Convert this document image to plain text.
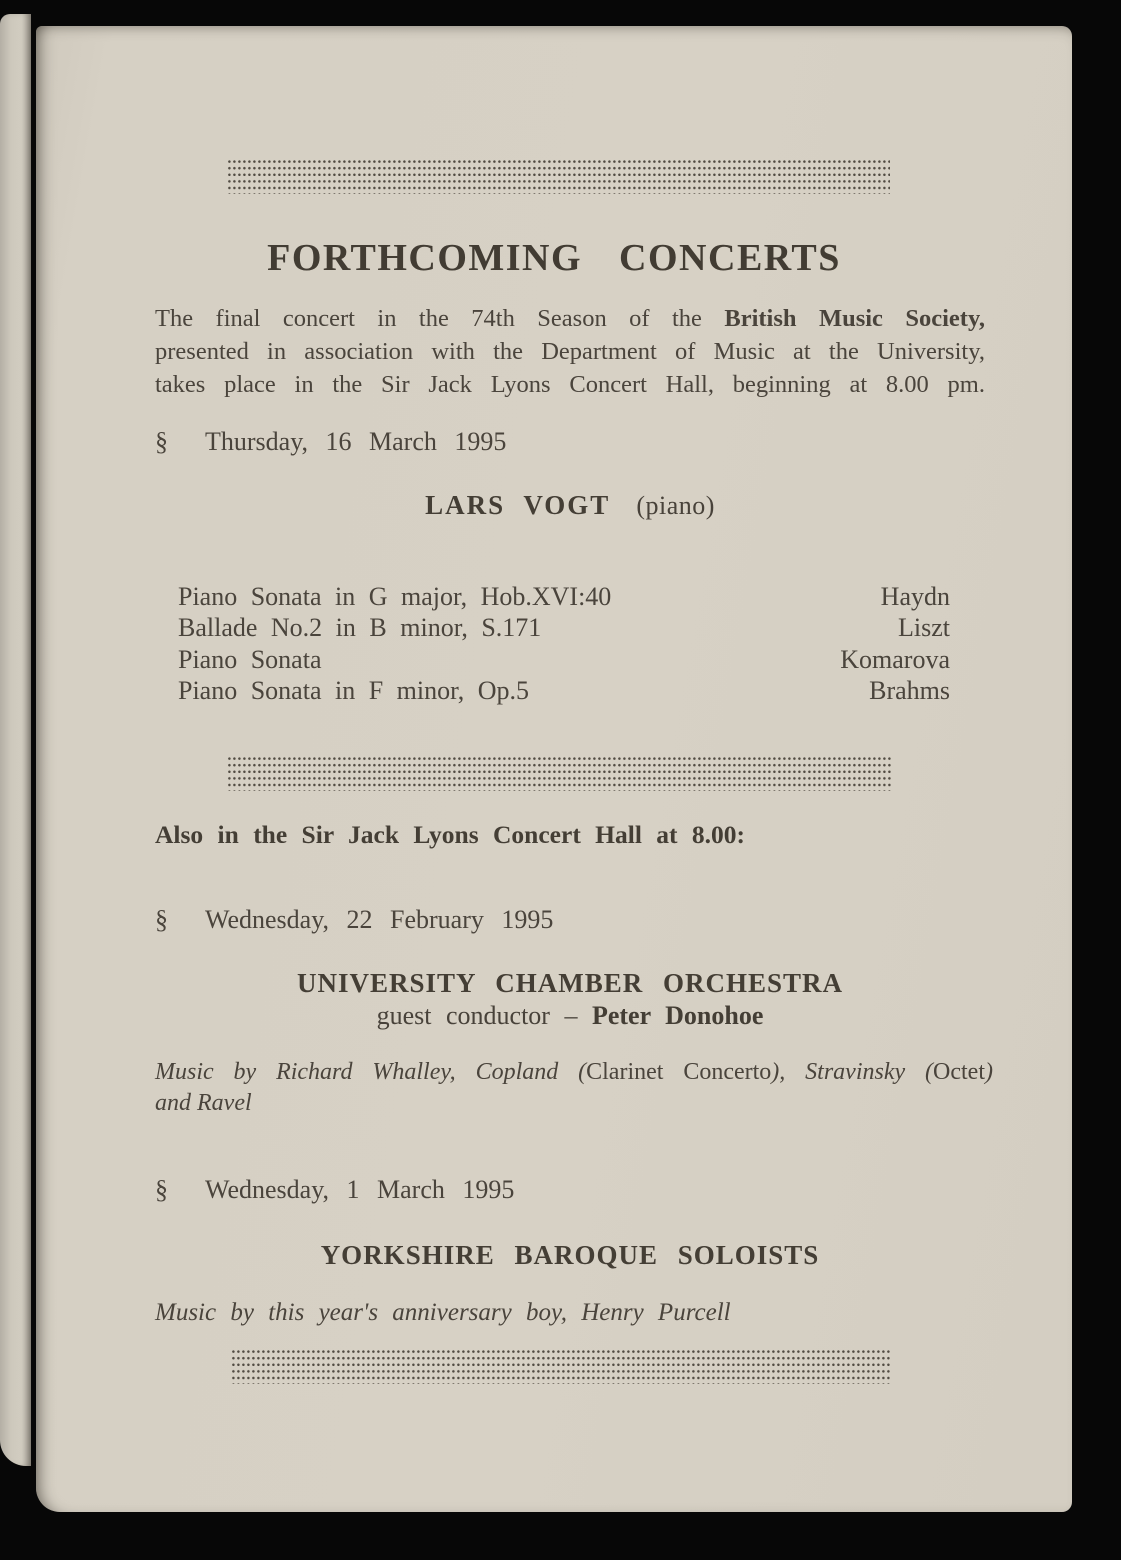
FORTHCOMING CONCERTS
The final concert in the 74th Season of the British Music Society,
presented in association with the Department of Music at the University,
takes place in the Sir Jack Lyons Concert Hall, beginning at 8.00 pm.
§	Thursday, 16 March 1995
LARS VOGT (piano)
Piano Sonata in G major, Hob.XVI:40	Haydn
Ballade No.2 in B minor, S.171	Liszt
Piano Sonata	Komarova
Piano Sonata in F minor, Op.5	Brahms
Also in the Sir Jack Lyons Concert Hall at 8.00:
§	Wednesday, 22 February 1995
UNIVERSITY CHAMBER ORCHESTRA
guest conductor – Peter Donohoe
Music by Richard Whalley, Copland (Clarinet Concerto), Stravinsky (Octet)
and Ravel
§	Wednesday, 1 March 1995
YORKSHIRE BAROQUE SOLOISTS
Music by this year's anniversary boy, Henry Purcell
